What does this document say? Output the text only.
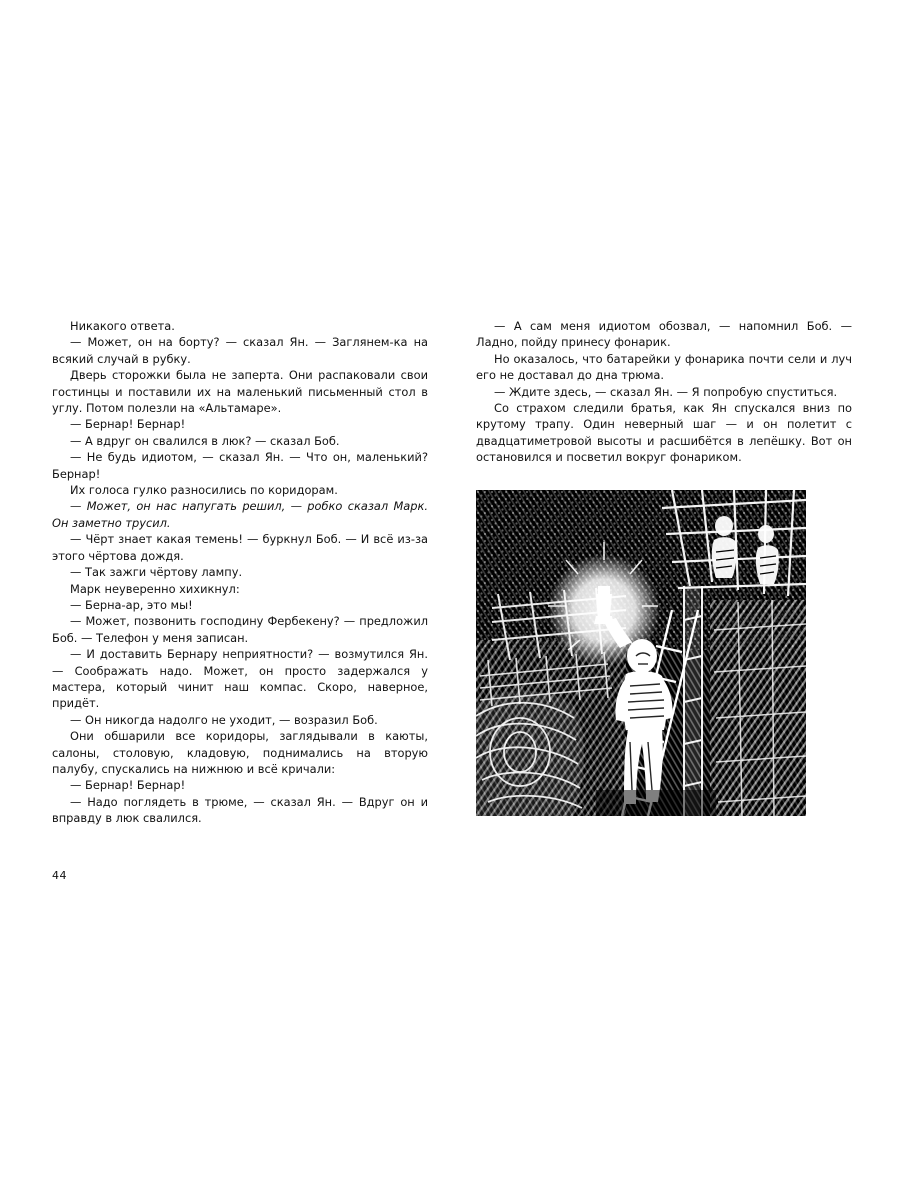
Никакого ответа.

— Может, он на борту? — сказал Ян. — Заглянем-ка на всякий случай в рубку.

Дверь сторожки была не заперта. Они распаковали свои гостинцы и поставили их на маленький письменный стол в углу. Потом полезли на «Альтамаре».

— Бернар! Бернар!

— А вдруг он свалился в люк? — сказал Боб.

— Не будь идиотом, — сказал Ян. — Что он, маленький? Бернар!

Их голоса гулко разносились по коридорам.

— Может, он нас напугать решил, — робко сказал Марк. Он заметно трусил.

— Чёрт знает какая темень! — буркнул Боб. — И всё из-за этого чёртова дождя.

— Так зажги чёртову лампу.

Марк неуверенно хихикнул:

— Берна-ар, это мы!

— Может, позвонить господину Фербекену? — предложил Боб. — Телефон у меня записан.

— И доставить Бернару неприятности? — возмутился Ян. — Соображать надо. Может, он просто задержался у мастера, который чинит наш компас. Скоро, наверное, придёт.

— Он никогда надолго не уходит, — возразил Боб.

Они обшарили все коридоры, заглядывали в каюты, салоны, столовую, кладовую, поднимались на вторую палубу, спускались на нижнюю и всё кричали:

— Бернар! Бернар!

— Надо поглядеть в трюме, — сказал Ян. — Вдруг он и вправду в люк свалился.

— А сам меня идиотом обозвал, — напомнил Боб. — Ладно, пойду принесу фонарик.

Но оказалось, что батарейки у фонарика почти сели и луч его не доставал до дна трюма.

— Ждите здесь, — сказал Ян. — Я попробую спуститься.

Со страхом следили братья, как Ян спускался вниз по крутому трапу. Один неверный шаг — и он полетит с двадцатиметровой высоты и расшибётся в лепёшку. Вот он остановился и посветил вокруг фонариком.

44
